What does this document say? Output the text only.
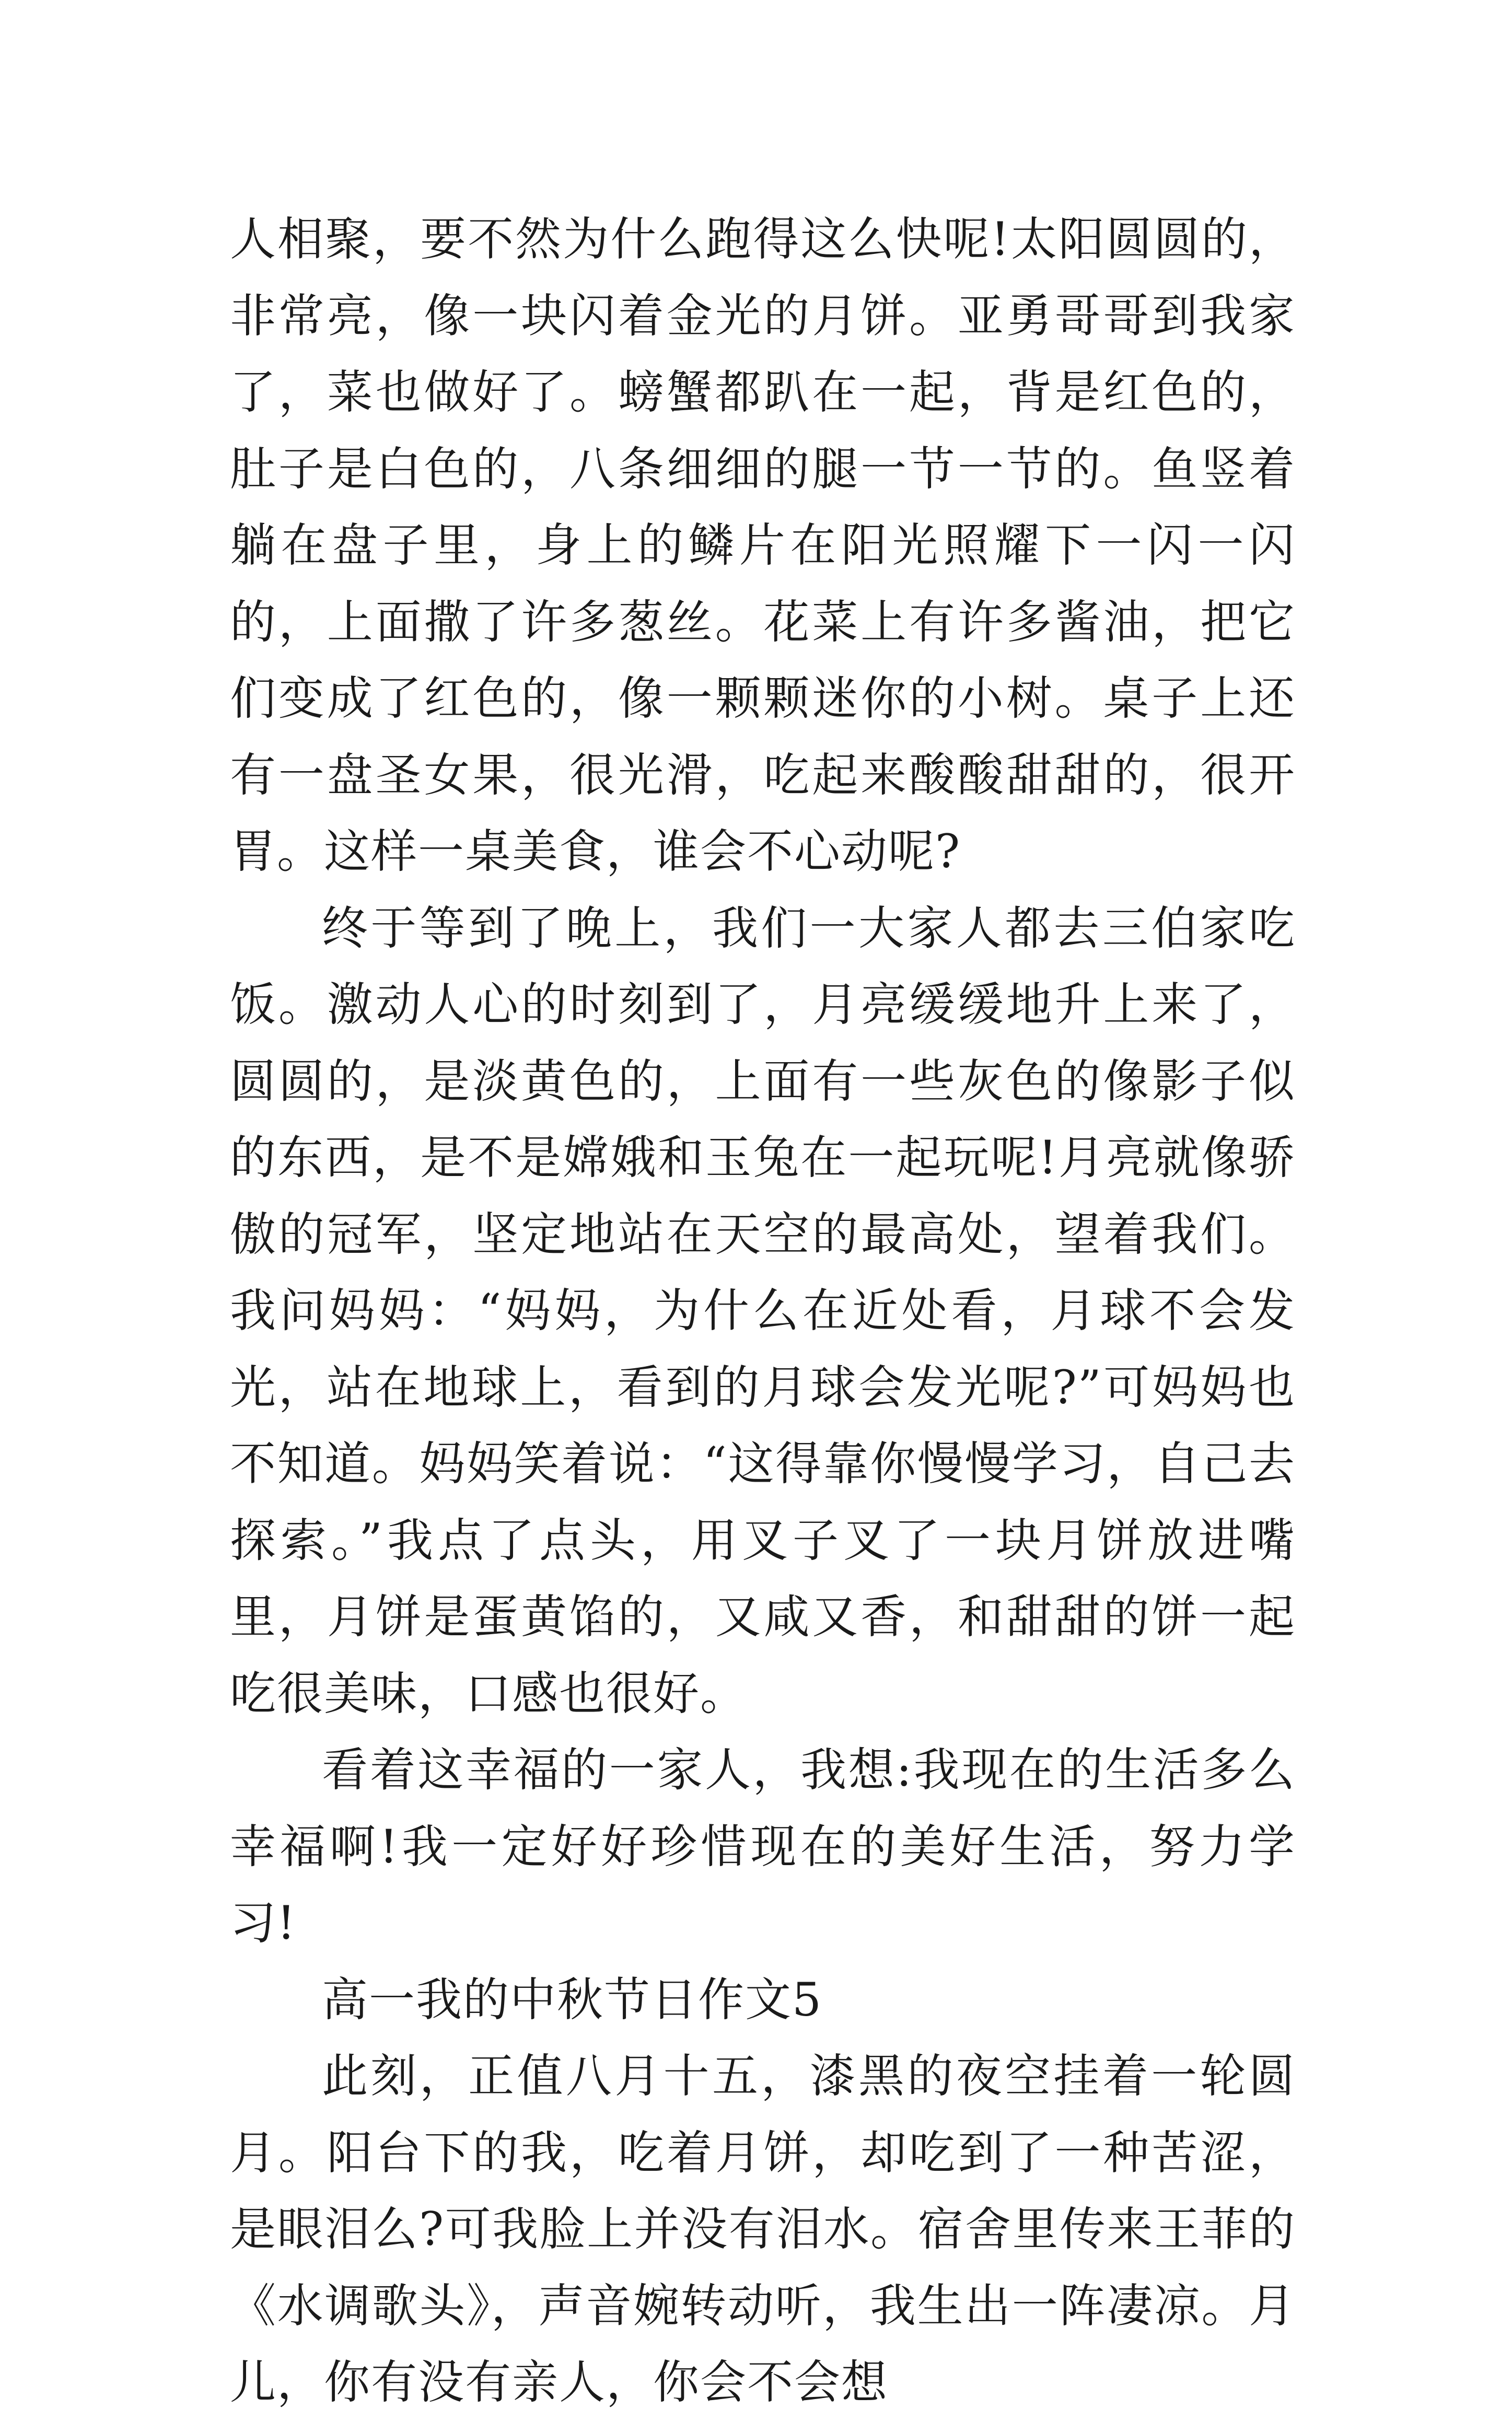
人相聚，要不然为什么跑得这么快呢!太阳圆圆的，非常亮，像一块闪着金光的月饼。亚勇哥哥到我家了，菜也做好了。螃蟹都趴在一起，背是红色的，肚子是白色的，八条细细的腿一节一节的。鱼竖着躺在盘子里，身上的鳞片在阳光照耀下一闪一闪的，上面撒了许多葱丝。花菜上有许多酱油，把它们变成了红色的，像一颗颗迷你的小树。桌子上还有一盘圣女果，很光滑，吃起来酸酸甜甜的，很开胃。这样一桌美食，谁会不心动呢?

终于等到了晚上，我们一大家人都去三伯家吃饭。激动人心的时刻到了，月亮缓缓地升上来了，圆圆的，是淡黄色的，上面有一些灰色的像影子似的东西，是不是嫦娥和玉兔在一起玩呢!月亮就像骄傲的冠军，坚定地站在天空的最高处，望着我们。我问妈妈：“妈妈，为什么在近处看，月球不会发光，站在地球上，看到的月球会发光呢?”可妈妈也不知道。妈妈笑着说：“这得靠你慢慢学习，自己去探索。”我点了点头，用叉子叉了一块月饼放进嘴里，月饼是蛋黄馅的，又咸又香，和甜甜的饼一起吃很美味，口感也很好。

看着这幸福的一家人，我想:我现在的生活多么幸福啊!我一定好好珍惜现在的美好生活，努力学习!

高一我的中秋节日作文5

此刻，正值八月十五，漆黑的夜空挂着一轮圆月。阳台下的我，吃着月饼，却吃到了一种苦涩，是眼泪么?可我脸上并没有泪水。宿舍里传来王菲的《水调歌头》，声音婉转动听，我生出一阵凄凉。月儿，你有没有亲人，你会不会想
